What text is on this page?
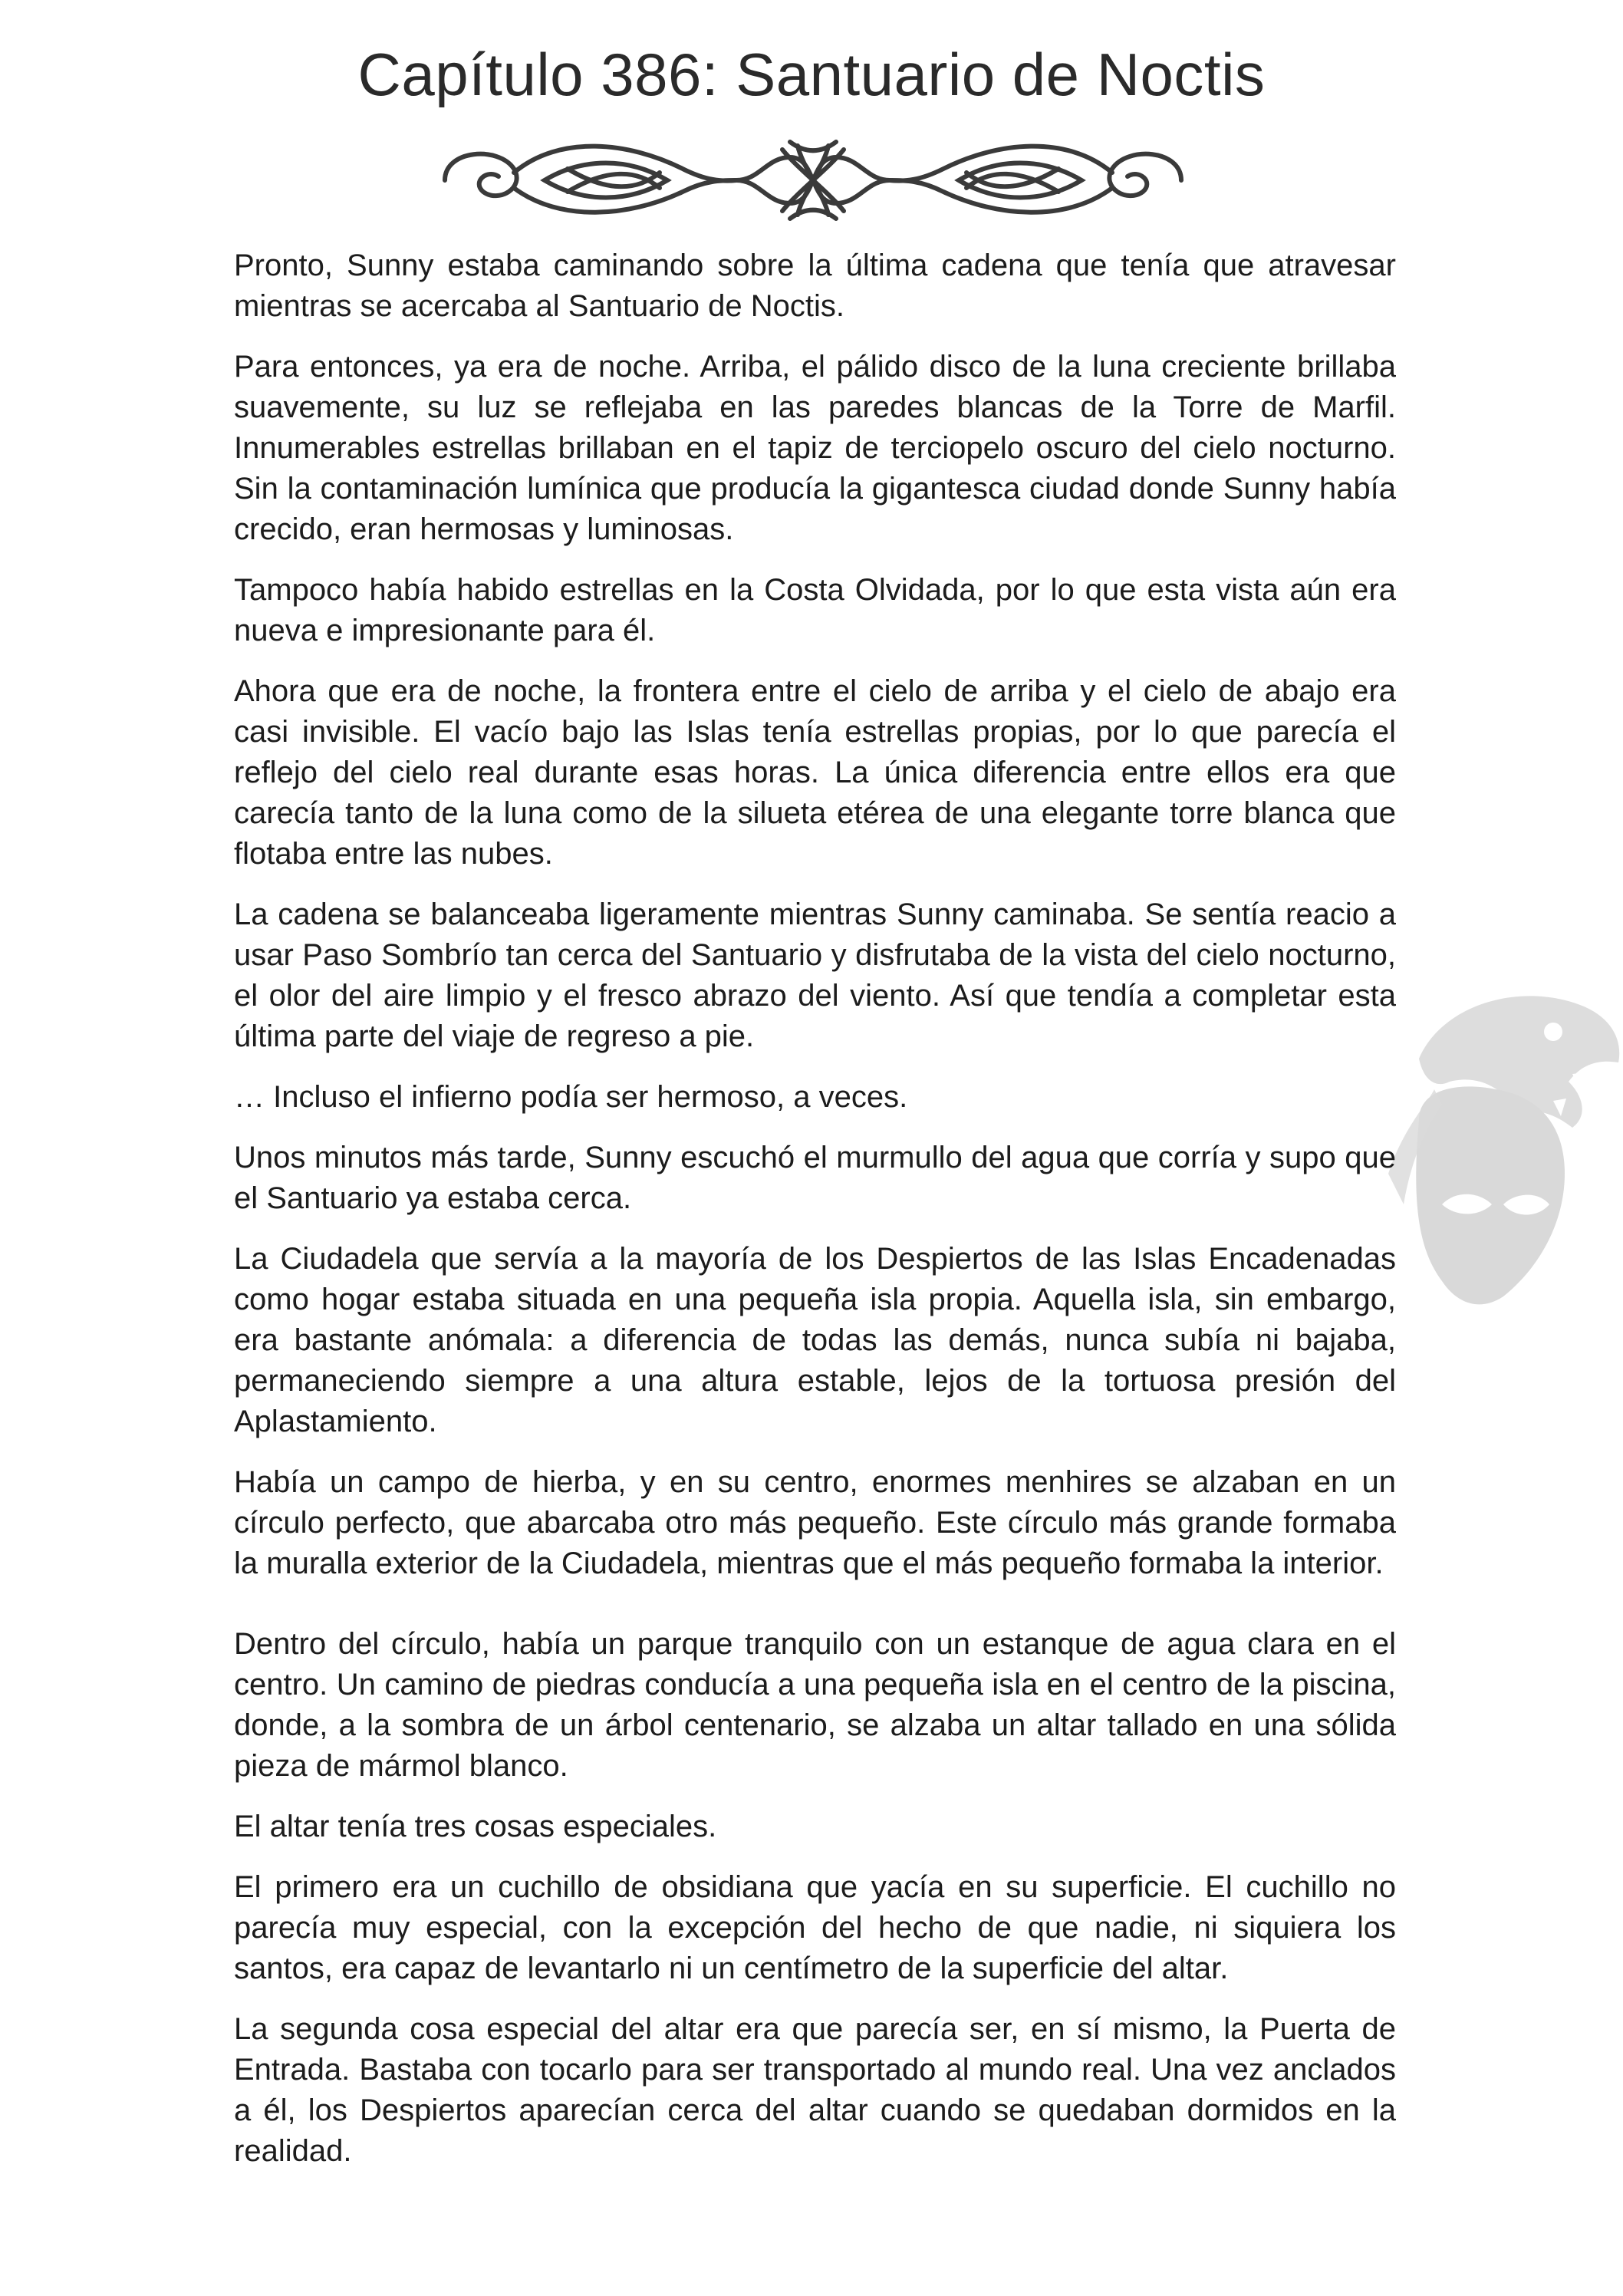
Capítulo 386: Santuario de Noctis

Pronto, Sunny estaba caminando sobre la última cadena que tenía que atravesar mientras se acercaba al Santuario de Noctis.

Para entonces, ya era de noche. Arriba, el pálido disco de la luna creciente brillaba suavemente, su luz se reflejaba en las paredes blancas de la Torre de Marfil. Innumerables estrellas brillaban en el tapiz de terciopelo oscuro del cielo nocturno. Sin la contaminación lumínica que producía la gigantesca ciudad donde Sunny había crecido, eran hermosas y luminosas.

Tampoco había habido estrellas en la Costa Olvidada, por lo que esta vista aún era nueva e impresionante para él.

Ahora que era de noche, la frontera entre el cielo de arriba y el cielo de abajo era casi invisible. El vacío bajo las Islas tenía estrellas propias, por lo que parecía el reflejo del cielo real durante esas horas. La única diferencia entre ellos era que carecía tanto de la luna como de la silueta etérea de una elegante torre blanca que flotaba entre las nubes.

La cadena se balanceaba ligeramente mientras Sunny caminaba. Se sentía reacio a usar Paso Sombrío tan cerca del Santuario y disfrutaba de la vista del cielo nocturno, el olor del aire limpio y el fresco abrazo del viento. Así que tendía a completar esta última parte del viaje de regreso a pie.

… Incluso el infierno podía ser hermoso, a veces.

Unos minutos más tarde, Sunny escuchó el murmullo del agua que corría y supo que el Santuario ya estaba cerca.

La Ciudadela que servía a la mayoría de los Despiertos de las Islas Encadenadas como hogar estaba situada en una pequeña isla propia. Aquella isla, sin embargo, era bastante anómala: a diferencia de todas las demás, nunca subía ni bajaba, permaneciendo siempre a una altura estable, lejos de la tortuosa presión del Aplastamiento.

Había un campo de hierba, y en su centro, enormes menhires se alzaban en un círculo perfecto, que abarcaba otro más pequeño. Este círculo más grande formaba la muralla exterior de la Ciudadela, mientras que el más pequeño formaba la interior.

Dentro del círculo, había un parque tranquilo con un estanque de agua clara en el centro. Un camino de piedras conducía a una pequeña isla en el centro de la piscina, donde, a la sombra de un árbol centenario, se alzaba un altar tallado en una sólida pieza de mármol blanco.

El altar tenía tres cosas especiales.

El primero era un cuchillo de obsidiana que yacía en su superficie. El cuchillo no parecía muy especial, con la excepción del hecho de que nadie, ni siquiera los santos, era capaz de levantarlo ni un centímetro de la superficie del altar.

La segunda cosa especial del altar era que parecía ser, en sí mismo, la Puerta de Entrada. Bastaba con tocarlo para ser transportado al mundo real. Una vez anclados a él, los Despiertos aparecían cerca del altar cuando se quedaban dormidos en la realidad.
